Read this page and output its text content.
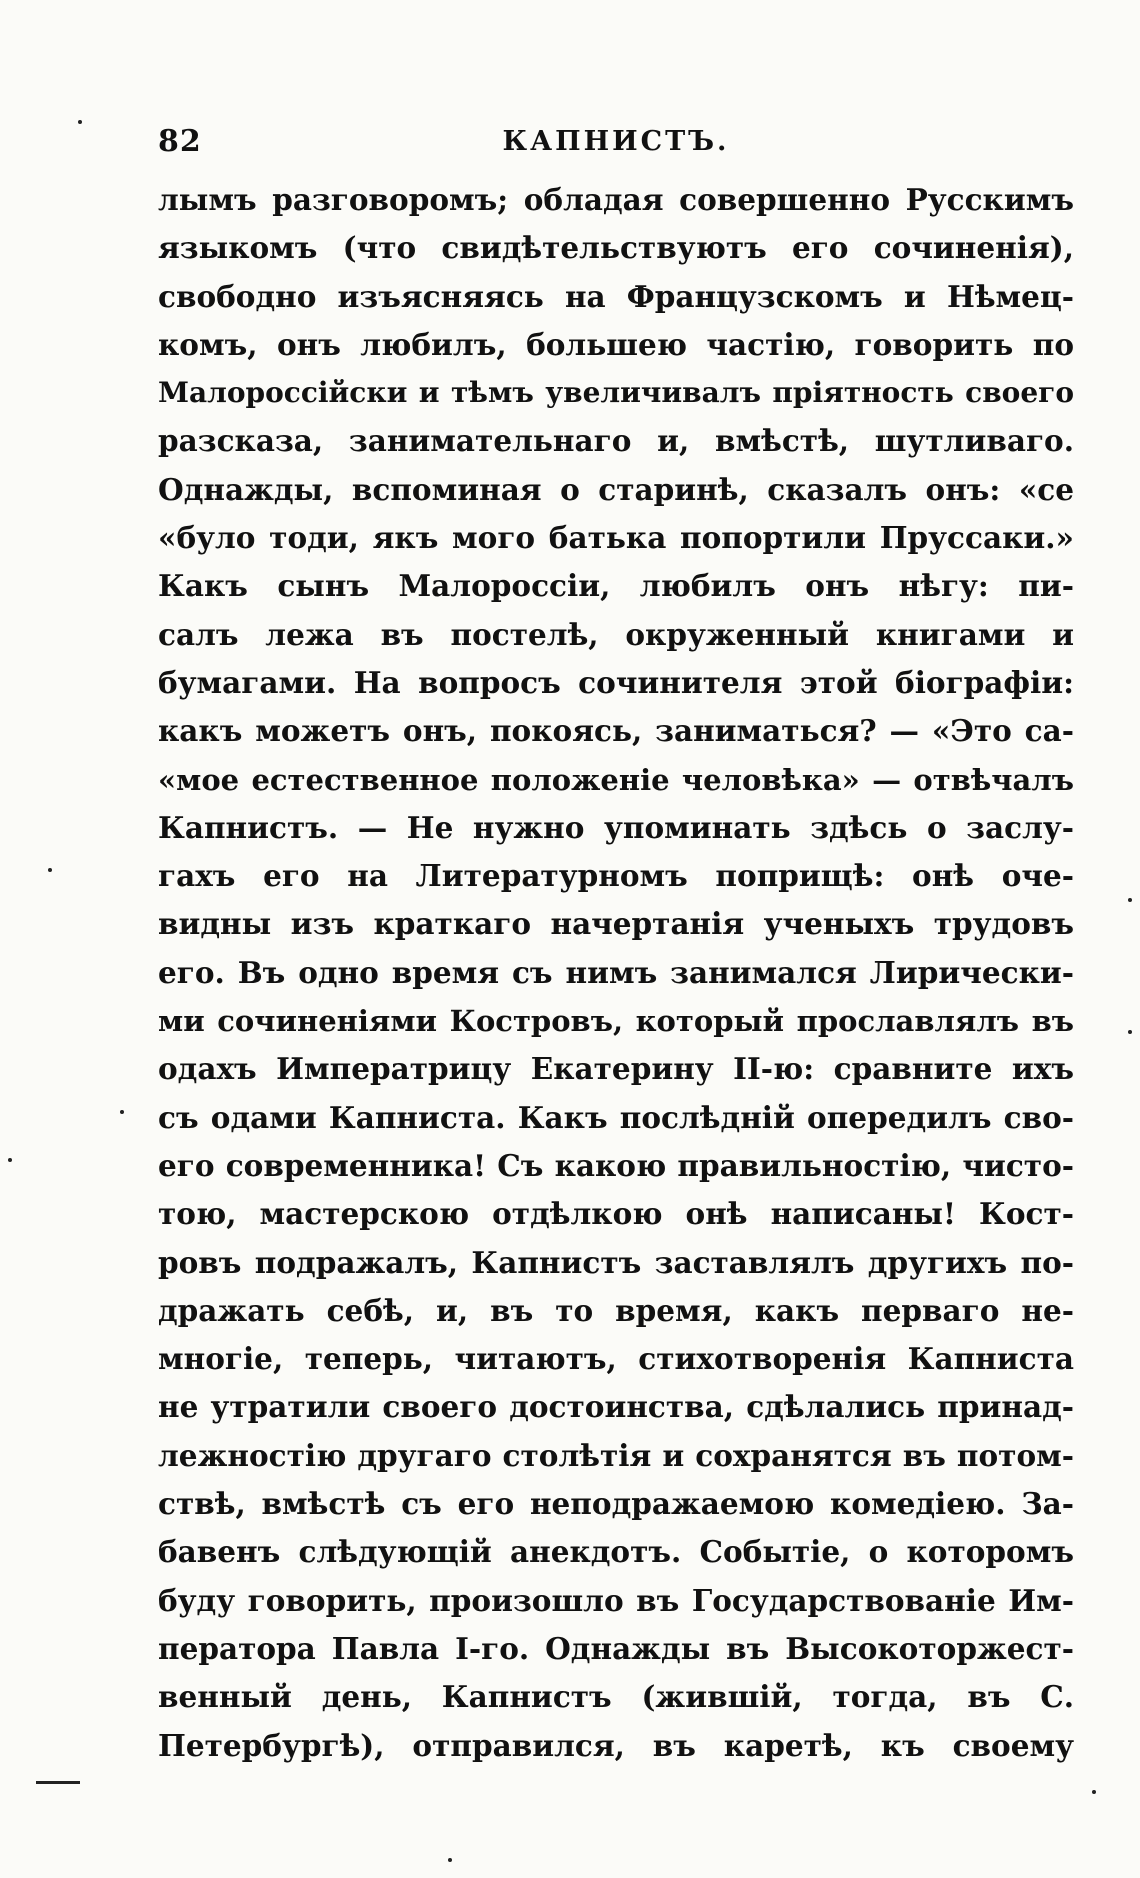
82	КАПНИСТЪ.
лымъ разговоромъ; обладая совершенно Русскимъ
языкомъ (что свидѣтельствуютъ его сочиненія),
свободно изъясняясь на Французскомъ и Нѣмец-
комъ, онъ любилъ, большею частію, говорить по
Малороссійски и тѣмъ увеличивалъ пріятность своего
разсказа, занимательнаго и, вмѣстѣ, шутливаго.
Однажды, вспоминая о старинѣ, сказалъ онъ: «се
«було тоди, якъ мого батька попортили Пруссаки.»
Какъ сынъ Малороссіи, любилъ онъ нѣгу: пи-
салъ лежа въ постелѣ, окруженный книгами и
бумагами. На вопросъ сочинителя этой біографіи:
какъ можетъ онъ, покоясь, заниматься? — «Это са-
«мое естественное положеніе человѣка» — отвѣчалъ
Капнистъ. — Не нужно упоминать здѣсь о заслу-
гахъ его на Литературномъ поприщѣ: онѣ оче-
видны изъ краткаго начертанія ученыхъ трудовъ
его. Въ одно время съ нимъ занимался Лирически-
ми сочиненіями Костровъ, который прославлялъ въ
одахъ Императрицу Екатерину II-ю: сравните ихъ
съ одами Капниста. Какъ послѣдній опередилъ сво-
его современника! Съ какою правильностію, чисто-
тою, мастерскою отдѣлкою онѣ написаны! Кост-
ровъ подражалъ, Капнистъ заставлялъ другихъ по-
дражать себѣ, и, въ то время, какъ перваго не-
многіе, теперь, читаютъ, стихотворенія Капниста
не утратили своего достоинства, сдѣлались принад-
лежностію другаго столѣтія и сохранятся въ потом-
ствѣ, вмѣстѣ съ его неподражаемою комедіею. За-
бавенъ слѣдующій анекдотъ. Событіе, о которомъ
буду говорить, произошло въ Государствованіе Им-
ператора Павла I-го. Однажды въ Высокоторжест-
венный день, Капнистъ (жившій, тогда, въ С.
Петербургѣ), отправился, въ каретѣ, къ своему
